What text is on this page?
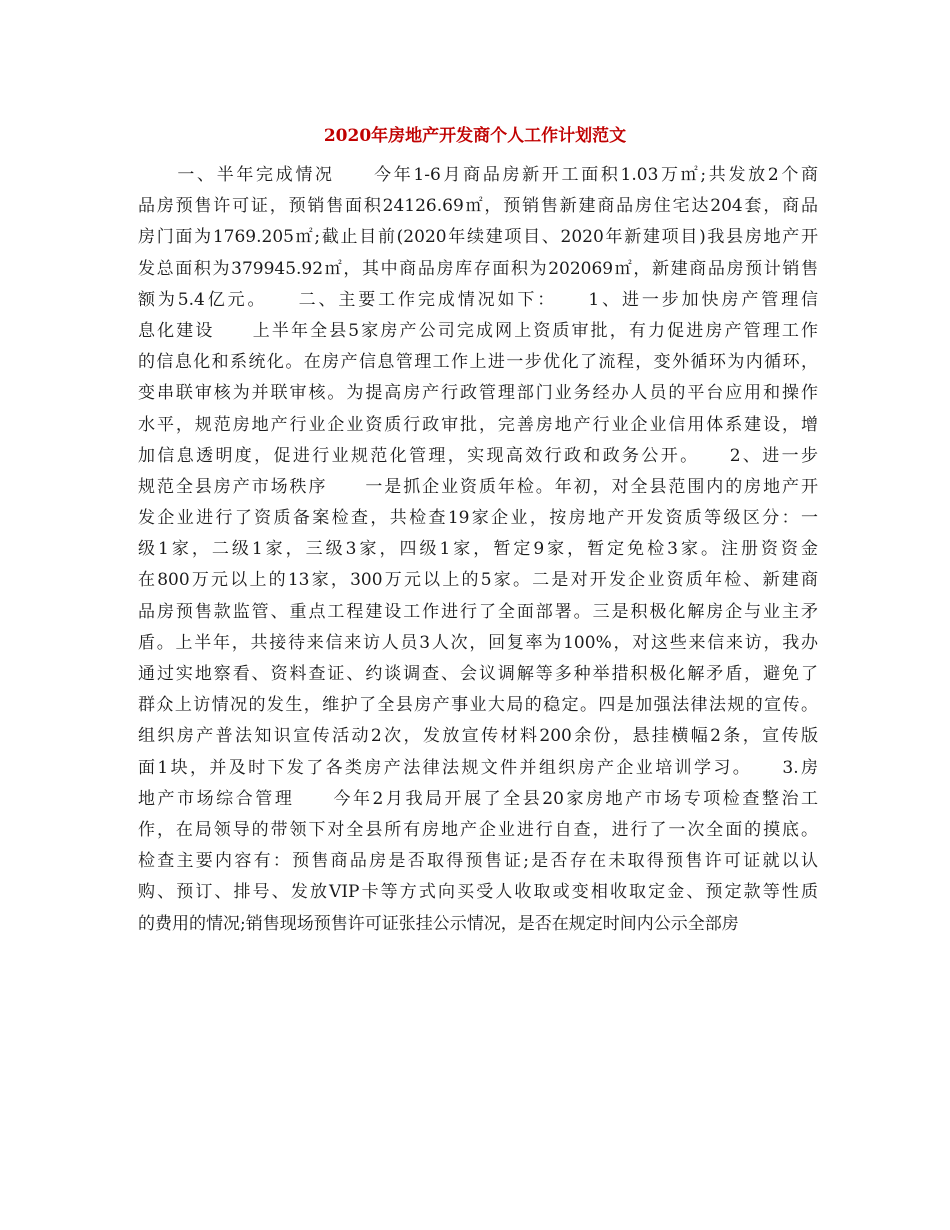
2020年房地产开发商个人工作计划范文
　　一、半年完成情况　　今年1-6月商品房新开工面积1.03万㎡;共发放2个商
品房预售许可证，预销售面积24126.69㎡，预销售新建商品房住宅达204套，商品
房门面为1769.205㎡;截止目前(2020年续建项目、2020年新建项目)我县房地产开
发总面积为379945.92㎡，其中商品房库存面积为202069㎡，新建商品房预计销售
额为5.4亿元。　　二、主要工作完成情况如下：　　1、进一步加快房产管理信
息化建设　　上半年全县5家房产公司完成网上资质审批，有力促进房产管理工作
的信息化和系统化。在房产信息管理工作上进一步优化了流程，变外循环为内循环，
变串联审核为并联审核。为提高房产行政管理部门业务经办人员的平台应用和操作
水平，规范房地产行业企业资质行政审批，完善房地产行业企业信用体系建设，增
加信息透明度，促进行业规范化管理，实现高效行政和政务公开。　　2、进一步
规范全县房产市场秩序　　一是抓企业资质年检。年初，对全县范围内的房地产开
发企业进行了资质备案检查，共检查19家企业，按房地产开发资质等级区分：一
级1家，二级1家，三级3家，四级1家，暂定9家，暂定免检3家。注册资资金
在800万元以上的13家，300万元以上的5家。二是对开发企业资质年检、新建商
品房预售款监管、重点工程建设工作进行了全面部署。三是积极化解房企与业主矛
盾。上半年，共接待来信来访人员3人次，回复率为100%，对这些来信来访，我办
通过实地察看、资料查证、约谈调查、会议调解等多种举措积极化解矛盾，避免了
群众上访情况的发生，维护了全县房产事业大局的稳定。四是加强法律法规的宣传。
组织房产普法知识宣传活动2次，发放宣传材料200余份，悬挂横幅2条，宣传版
面1块，并及时下发了各类房产法律法规文件并组织房产企业培训学习。　　3.房
地产市场综合管理　　今年2月我局开展了全县20家房地产市场专项检查整治工
作，在局领导的带领下对全县所有房地产企业进行自查，进行了一次全面的摸底。
检查主要内容有：预售商品房是否取得预售证;是否存在未取得预售许可证就以认
购、预订、排号、发放VIP卡等方式向买受人收取或变相收取定金、预定款等性质
的费用的情况;销售现场预售许可证张挂公示情况，是否在规定时间内公示全部房
